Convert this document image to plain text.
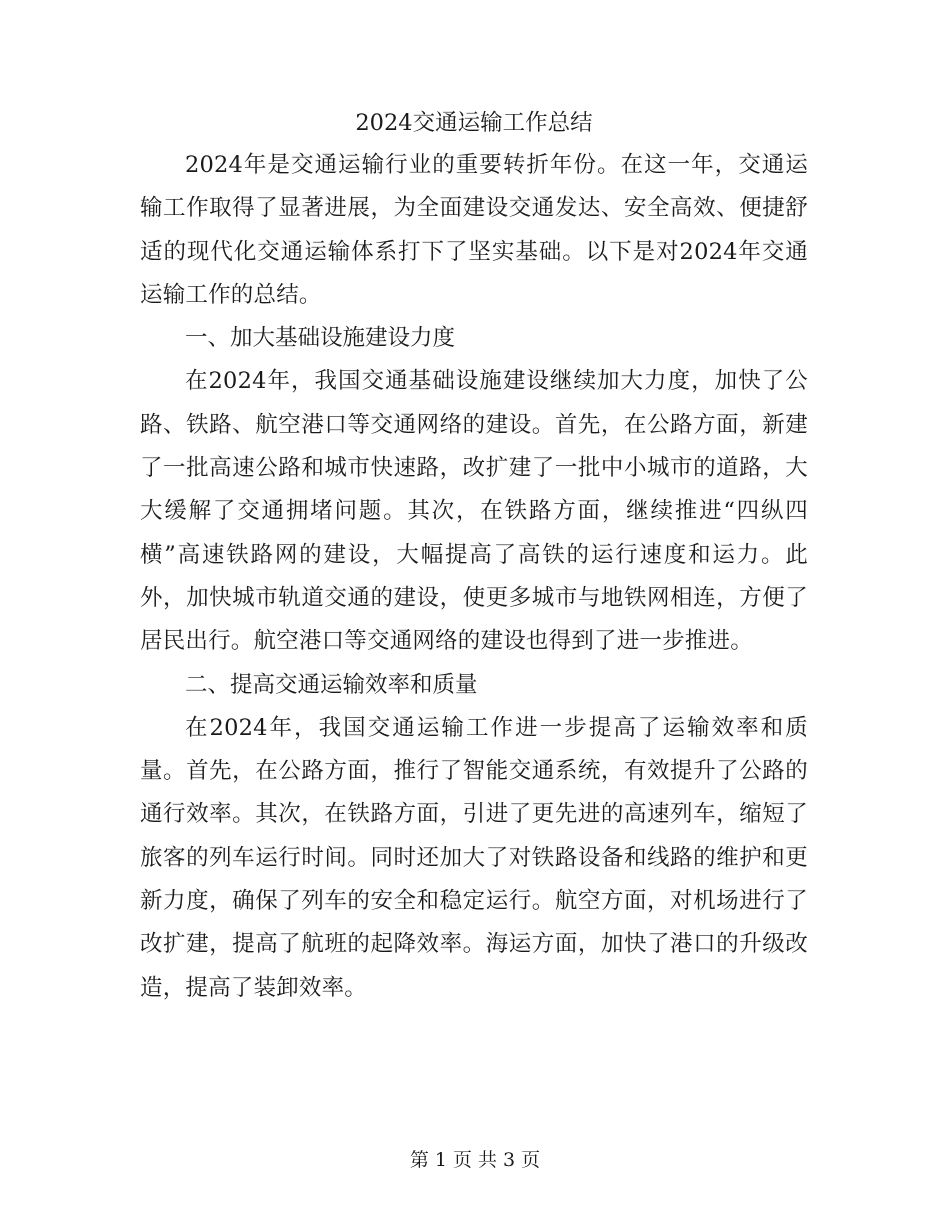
2024交通运输工作总结

2024年是交通运输行业的重要转折年份。在这一年，交通运输工作取得了显著进展，为全面建设交通发达、安全高效、便捷舒适的现代化交通运输体系打下了坚实基础。以下是对2024年交通运输工作的总结。

一、加大基础设施建设力度

在2024年，我国交通基础设施建设继续加大力度，加快了公路、铁路、航空港口等交通网络的建设。首先，在公路方面，新建了一批高速公路和城市快速路，改扩建了一批中小城市的道路，大大缓解了交通拥堵问题。其次，在铁路方面，继续推进“四纵四横”高速铁路网的建设，大幅提高了高铁的运行速度和运力。此外，加快城市轨道交通的建设，使更多城市与地铁网相连，方便了居民出行。航空港口等交通网络的建设也得到了进一步推进。

二、提高交通运输效率和质量

在2024年，我国交通运输工作进一步提高了运输效率和质量。首先，在公路方面，推行了智能交通系统，有效提升了公路的通行效率。其次，在铁路方面，引进了更先进的高速列车，缩短了旅客的列车运行时间。同时还加大了对铁路设备和线路的维护和更新力度，确保了列车的安全和稳定运行。航空方面，对机场进行了改扩建，提高了航班的起降效率。海运方面，加快了港口的升级改造，提高了装卸效率。

第 1 页 共 3 页
